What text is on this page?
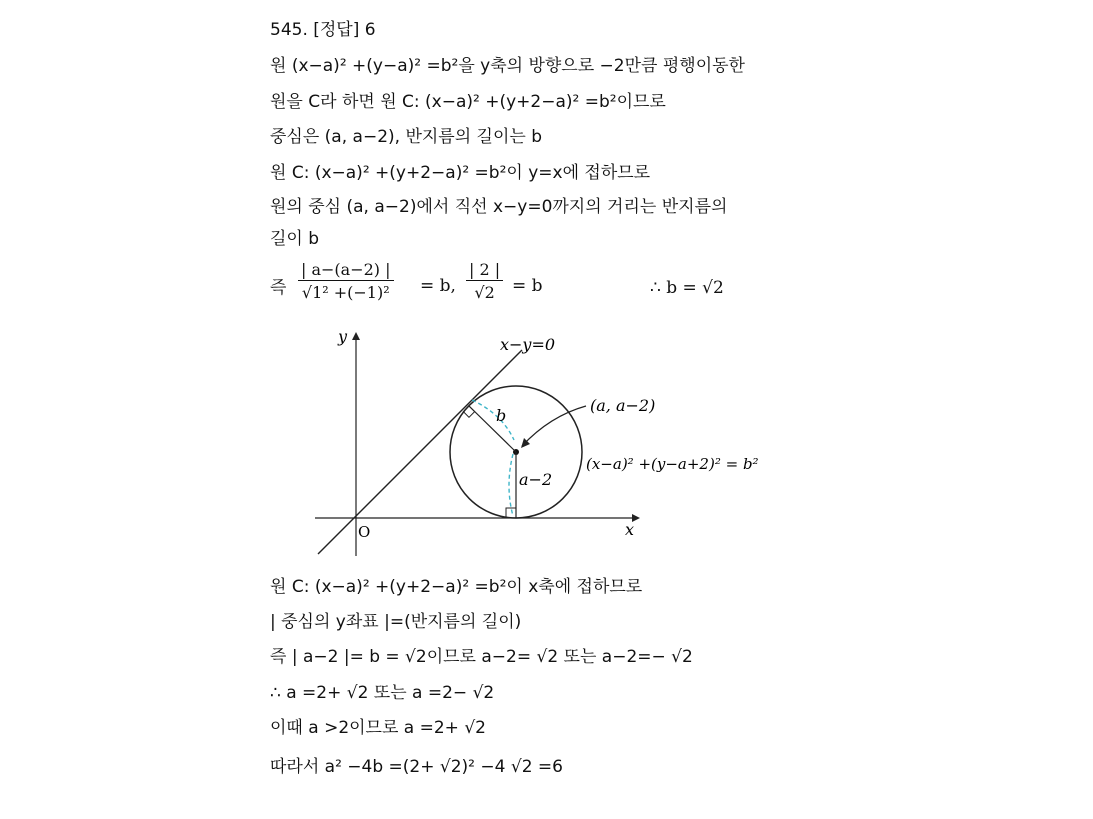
545. [정답] 6
원 (x−a)² +(y−a)² =b²을 y축의 방향으로 −2만큼 평행이동한
원을 C라 하면 원 C: (x−a)² +(y+2−a)² =b²이므로
중심은 (a, a−2), 반지름의 길이는 b
원 C: (x−a)² +(y+2−a)² =b²이 y=x에 접하므로
원의 중심 (a, a−2)에서 직선 x−y=0까지의 거리는 반지름의
길이 b
즉 $\frac{| a-(a-2) |}{\text{√1² +(−1)²}} = b$, $\frac{| 2 |}{√2} = b$	∴ b = √2
y
x
O
x−y=0
b
a−2
(a, a−2)
(x−a)² +(y−a+2)² = b²
원 C: (x−a)² +(y+2−a)² =b²이 x축에 접하므로
| 중심의 y좌표 |=(반지름의 길이)
즉 | a−2 |= b = √2이므로 a−2= √2 또는 a−2=− √2
∴ a =2+ √2 또는 a =2− √2
이때 a >2이므로 a =2+ √2
따라서 a² −4b =(2+ √2)² −4 √2 =6
